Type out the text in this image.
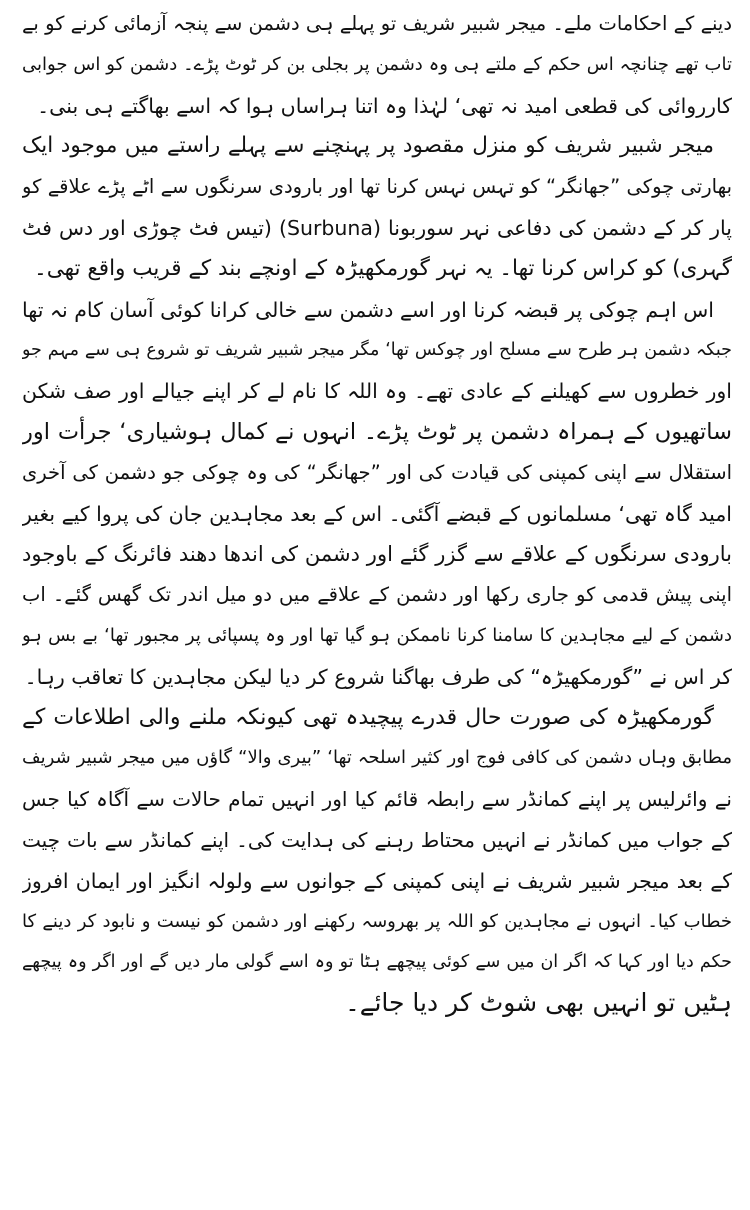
دینے کے احکامات ملے۔ میجر شبیر شریف تو پہلے ہی دشمن سے پنجہ آزمائی کرنے کو بے
تاب تھے چنانچہ اس حکم کے ملتے ہی وہ دشمن پر بجلی بن کر ٹوٹ پڑے۔ دشمن کو اس جوابی
کارروائی کی قطعی امید نہ تھی‘ لہٰذا وہ اتنا ہراساں ہوا کہ اسے بھاگتے ہی بنی۔

میجر شبیر شریف کو منزل مقصود پر پہنچنے سے پہلے راستے میں موجود ایک
بھارتی چوکی ”جھانگر“ کو تہس نہس کرنا تھا اور بارودی سرنگوں سے اٹے پڑے علاقے کو
پار کر کے دشمن کی دفاعی نہر سوربونا (Surbuna) (تیس فٹ چوڑی اور دس فٹ
گہری) کو کراس کرنا تھا۔ یہ نہر گورمکھیڑہ کے اونچے بند کے قریب واقع تھی۔

اس اہم چوکی پر قبضہ کرنا اور اسے دشمن سے خالی کرانا کوئی آسان کام نہ تھا
جبکہ دشمن ہر طرح سے مسلح اور چوکس تھا‘ مگر میجر شبیر شریف تو شروع ہی سے مہم جو
اور خطروں سے کھیلنے کے عادی تھے۔ وہ اللہ کا نام لے کر اپنے جیالے اور صف شکن
ساتھیوں کے ہمراہ دشمن پر ٹوٹ پڑے۔ انہوں نے کمال ہوشیاری‘ جرأت اور
استقلال سے اپنی کمپنی کی قیادت کی اور ”جھانگر“ کی وہ چوکی جو دشمن کی آخری
امید گاہ تھی‘ مسلمانوں کے قبضے آگئی۔ اس کے بعد مجاہدین جان کی پروا کیے بغیر
بارودی سرنگوں کے علاقے سے گزر گئے اور دشمن کی اندھا دھند فائرنگ کے باوجود
اپنی پیش قدمی کو جاری رکھا اور دشمن کے علاقے میں دو میل اندر تک گھس گئے۔ اب
دشمن کے لیے مجاہدین کا سامنا کرنا ناممکن ہو گیا تھا اور وہ پسپائی پر مجبور تھا‘ بے بس ہو
کر اس نے ”گورمکھیڑہ“ کی طرف بھاگنا شروع کر دیا لیکن مجاہدین کا تعاقب رہا۔

گورمکھیڑہ کی صورت حال قدرے پیچیدہ تھی کیونکہ ملنے والی اطلاعات کے
مطابق وہاں دشمن کی کافی فوج اور کثیر اسلحہ تھا‘ ”بیری والا“ گاؤں میں میجر شبیر شریف
نے وائرلیس پر اپنے کمانڈر سے رابطہ قائم کیا اور انہیں تمام حالات سے آگاہ کیا جس
کے جواب میں کمانڈر نے انہیں محتاط رہنے کی ہدایت کی۔ اپنے کمانڈر سے بات چیت
کے بعد میجر شبیر شریف نے اپنی کمپنی کے جوانوں سے ولولہ انگیز اور ایمان افروز
خطاب کیا۔ انہوں نے مجاہدین کو اللہ پر بھروسہ رکھنے اور دشمن کو نیست و نابود کر دینے کا
حکم دیا اور کہا کہ اگر ان میں سے کوئی پیچھے ہٹا تو وہ اسے گولی مار دیں گے اور اگر وہ پیچھے
ہٹیں تو انہیں بھی شوٹ کر دیا جائے۔
